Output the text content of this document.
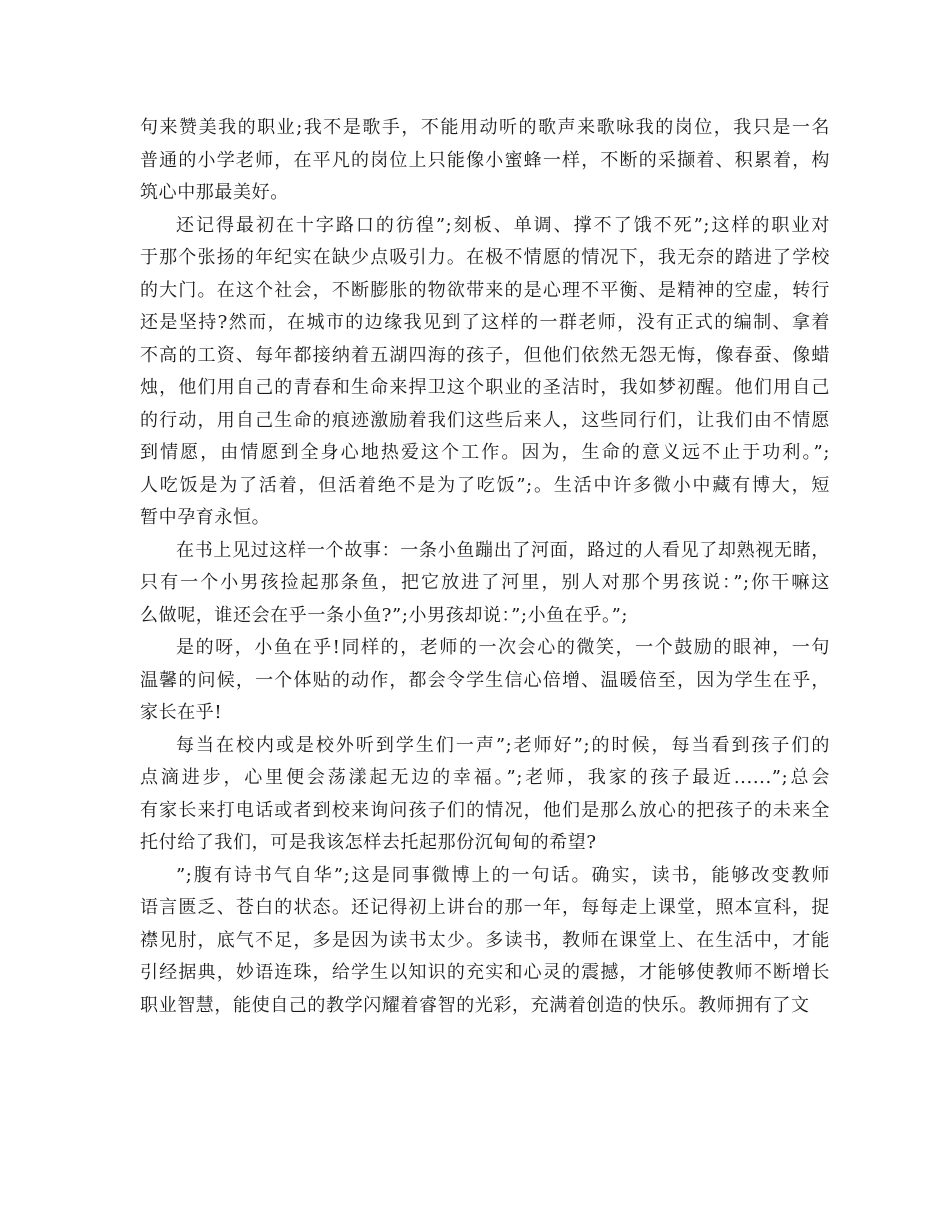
句来赞美我的职业;我不是歌手，不能用动听的歌声来歌咏我的岗位，我只是一名
普通的小学老师，在平凡的岗位上只能像小蜜蜂一样，不断的采撷着、积累着，构
筑心中那最美好。
还记得最初在十字路口的彷徨”;刻板、单调、撑不了饿不死”;这样的职业对
于那个张扬的年纪实在缺少点吸引力。在极不情愿的情况下，我无奈的踏进了学校
的大门。在这个社会，不断膨胀的物欲带来的是心理不平衡、是精神的空虚，转行
还是坚持?然而，在城市的边缘我见到了这样的一群老师，没有正式的编制、拿着
不高的工资、每年都接纳着五湖四海的孩子，但他们依然无怨无悔，像春蚕、像蜡
烛，他们用自己的青春和生命来捍卫这个职业的圣洁时，我如梦初醒。他们用自己
的行动，用自己生命的痕迹激励着我们这些后来人，这些同行们，让我们由不情愿
到情愿，由情愿到全身心地热爱这个工作。因为，生命的意义远不止于功利。”;
人吃饭是为了活着，但活着绝不是为了吃饭”;。生活中许多微小中藏有博大，短
暂中孕育永恒。
在书上见过这样一个故事：一条小鱼蹦出了河面，路过的人看见了却熟视无睹，
只有一个小男孩捡起那条鱼，把它放进了河里，别人对那个男孩说：”;你干嘛这
么做呢，谁还会在乎一条小鱼?”;小男孩却说：”;小鱼在乎。”;
是的呀，小鱼在乎!同样的，老师的一次会心的微笑，一个鼓励的眼神，一句
温馨的问候，一个体贴的动作，都会令学生信心倍增、温暖倍至，因为学生在乎，
家长在乎!
每当在校内或是校外听到学生们一声”;老师好”;的时候，每当看到孩子们的
点滴进步，心里便会荡漾起无边的幸福。”;老师，我家的孩子最近......”;总会
有家长来打电话或者到校来询问孩子们的情况，他们是那么放心的把孩子的未来全
托付给了我们，可是我该怎样去托起那份沉甸甸的希望?
”;腹有诗书气自华”;这是同事微博上的一句话。确实，读书，能够改变教师
语言匮乏、苍白的状态。还记得初上讲台的那一年，每每走上课堂，照本宣科，捉
襟见肘，底气不足，多是因为读书太少。多读书，教师在课堂上、在生活中，才能
引经据典，妙语连珠，给学生以知识的充实和心灵的震撼，才能够使教师不断增长
职业智慧，能使自己的教学闪耀着睿智的光彩，充满着创造的快乐。教师拥有了文
